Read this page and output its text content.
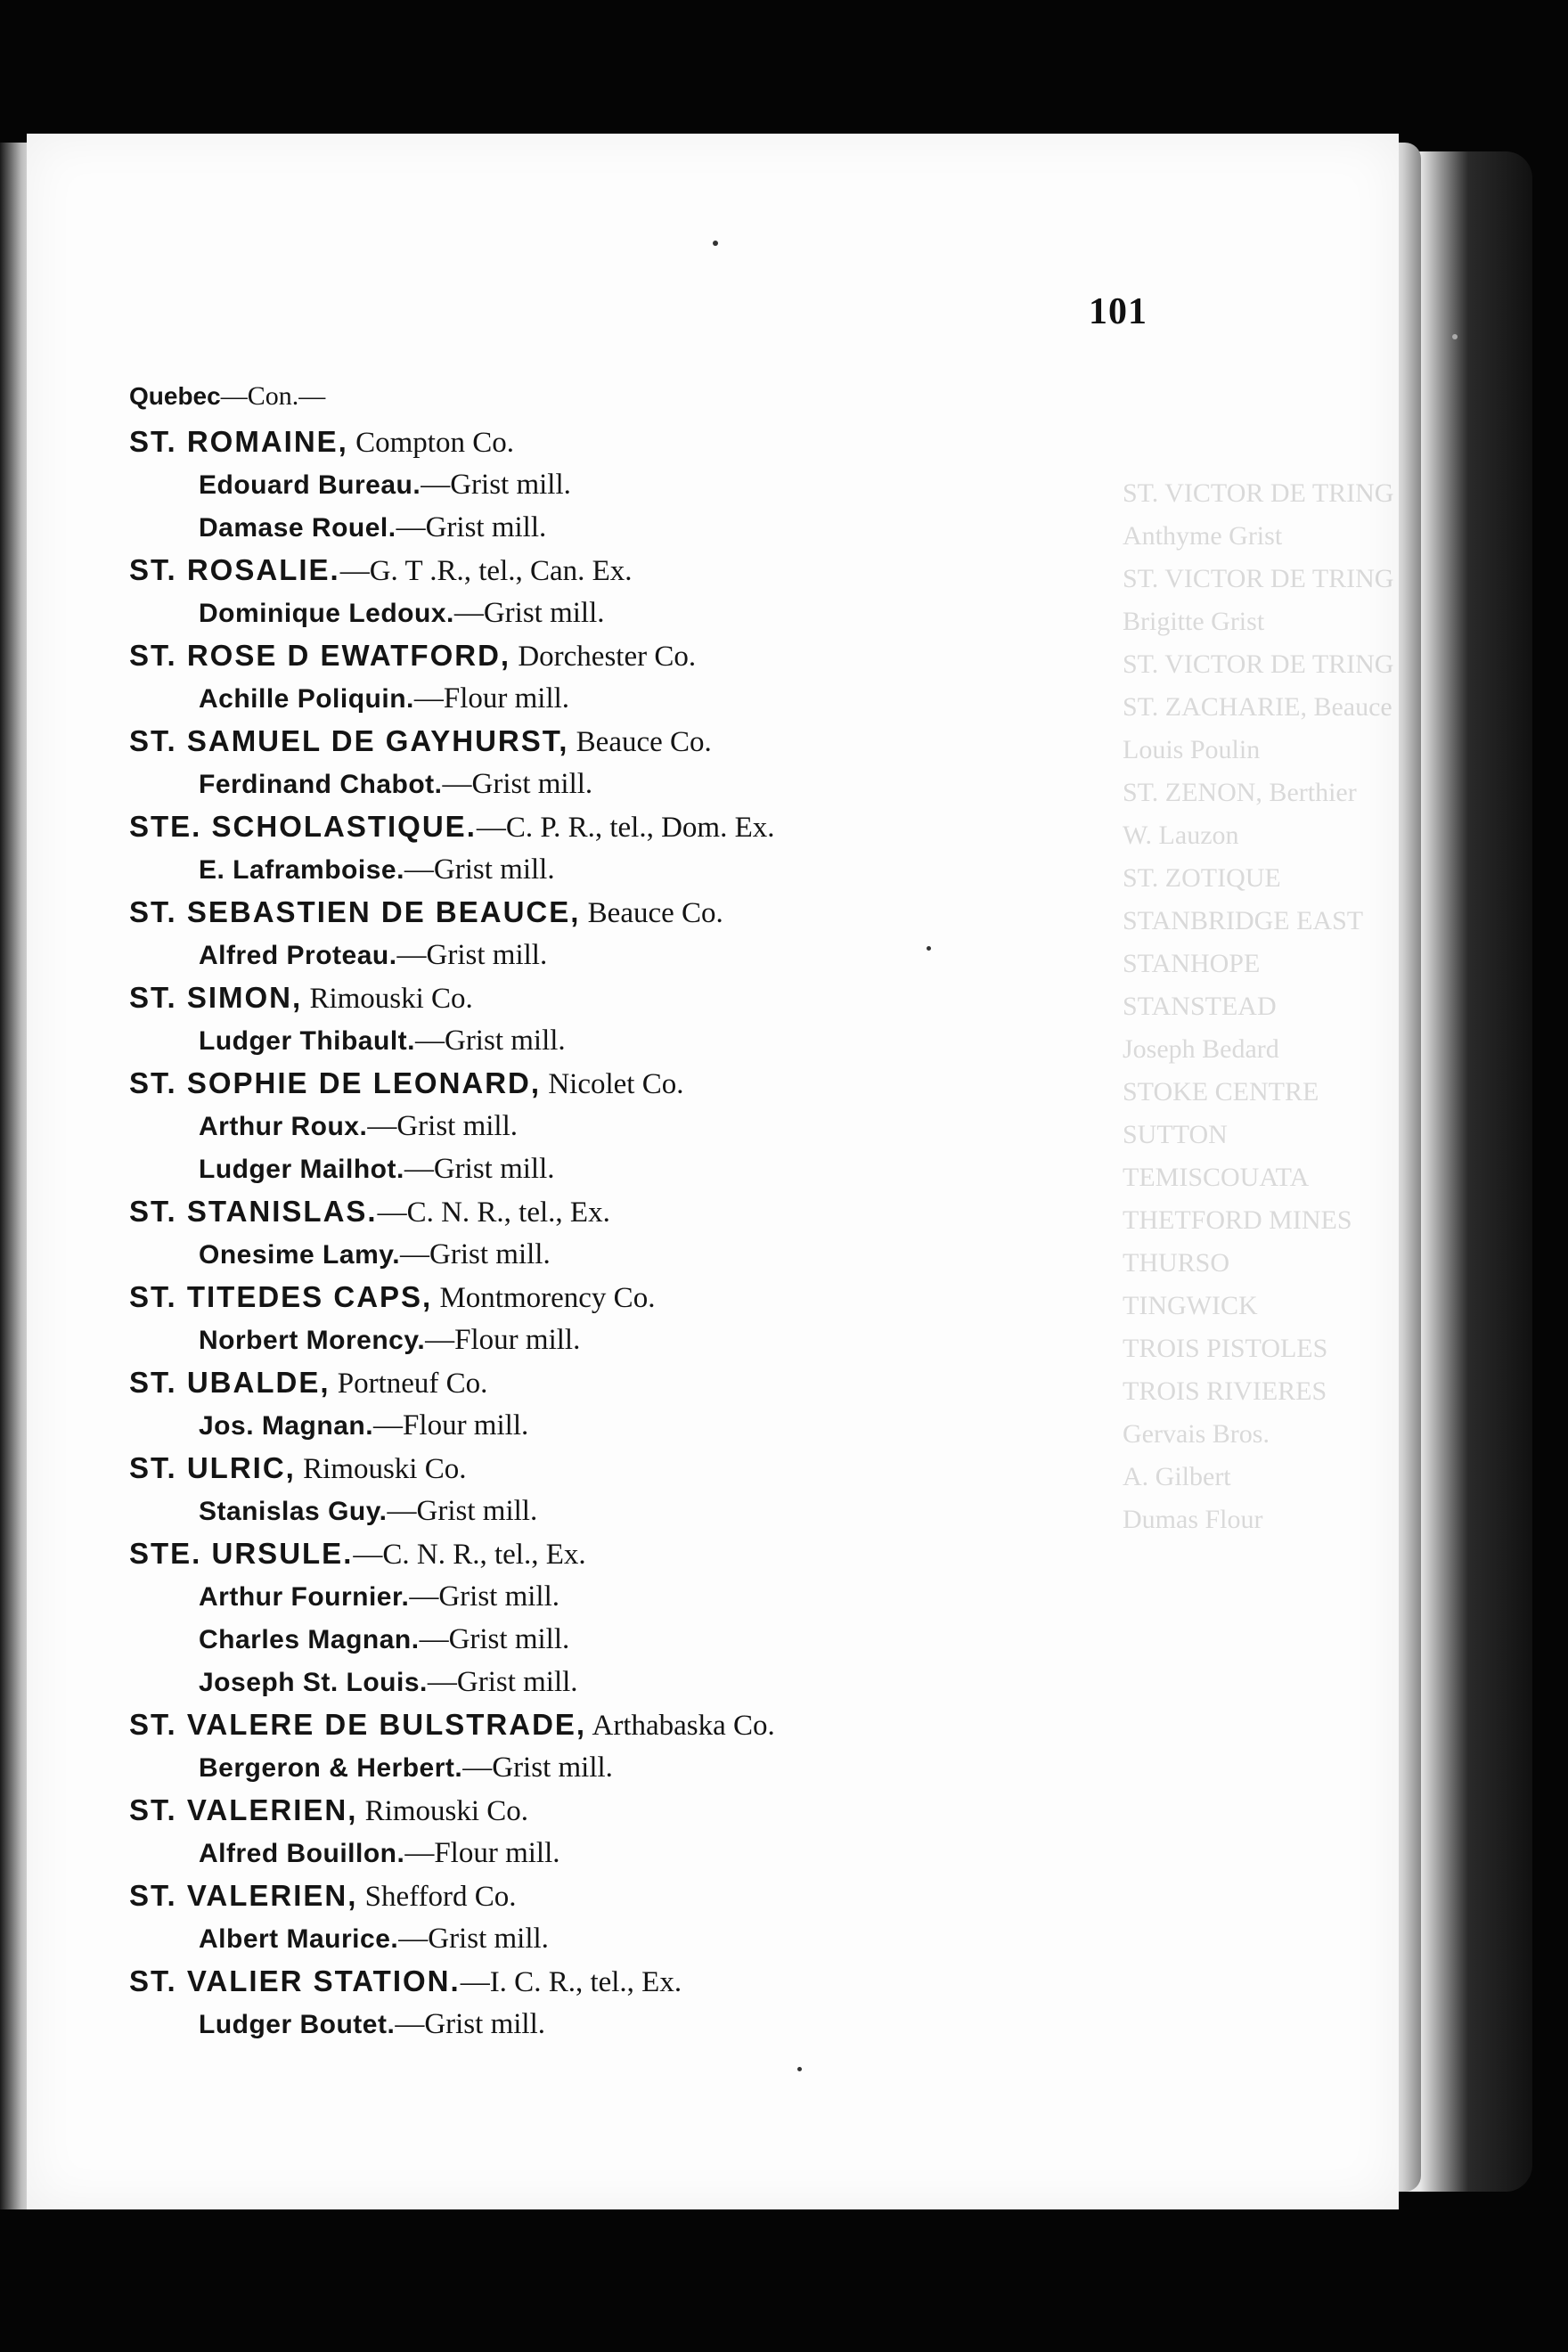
ST. VICTOR DE TRING
Anthyme Grist
ST. VICTOR DE TRING
Brigitte Grist
ST. VICTOR DE TRING
ST. ZACHARIE, Beauce
Louis Poulin
ST. ZENON, Berthier
W. Lauzon
ST. ZOTIQUE
STANBRIDGE EAST
STANHOPE
STANSTEAD
Joseph Bedard
STOKE CENTRE
SUTTON
TEMISCOUATA
THETFORD MINES
THURSO
TINGWICK
TROIS PISTOLES
TROIS RIVIERES
Gervais Bros.
A. Gilbert
Dumas Flour
101
Quebec—Con.—
ST. ROMAINE, Compton Co.
Edouard Bureau.—Grist mill.
Damase Rouel.—Grist mill.
ST. ROSALIE.—G. T .R., tel., Can. Ex.
Dominique Ledoux.—Grist mill.
ST. ROSE D EWATFORD, Dorchester Co.
Achille Poliquin.—Flour mill.
ST. SAMUEL DE GAYHURST, Beauce Co.
Ferdinand Chabot.—Grist mill.
STE. SCHOLASTIQUE.—C. P. R., tel., Dom. Ex.
E. Laframboise.—Grist mill.
ST. SEBASTIEN DE BEAUCE, Beauce Co.
Alfred Proteau.—Grist mill.
ST. SIMON, Rimouski Co.
Ludger Thibault.—Grist mill.
ST. SOPHIE DE LEONARD, Nicolet Co.
Arthur Roux.—Grist mill.
Ludger Mailhot.—Grist mill.
ST. STANISLAS.—C. N. R., tel., Ex.
Onesime Lamy.—Grist mill.
ST. TITEDES CAPS, Montmorency Co.
Norbert Morency.—Flour mill.
ST. UBALDE, Portneuf Co.
Jos. Magnan.—Flour mill.
ST. ULRIC, Rimouski Co.
Stanislas Guy.—Grist mill.
STE. URSULE.—C. N. R., tel., Ex.
Arthur Fournier.—Grist mill.
Charles Magnan.—Grist mill.
Joseph St. Louis.—Grist mill.
ST. VALERE DE BULSTRADE, Arthabaska Co.
Bergeron & Herbert.—Grist mill.
ST. VALERIEN, Rimouski Co.
Alfred Bouillon.—Flour mill.
ST. VALERIEN, Shefford Co.
Albert Maurice.—Grist mill.
ST. VALIER STATION.—I. C. R., tel., Ex.
Ludger Boutet.—Grist mill.
